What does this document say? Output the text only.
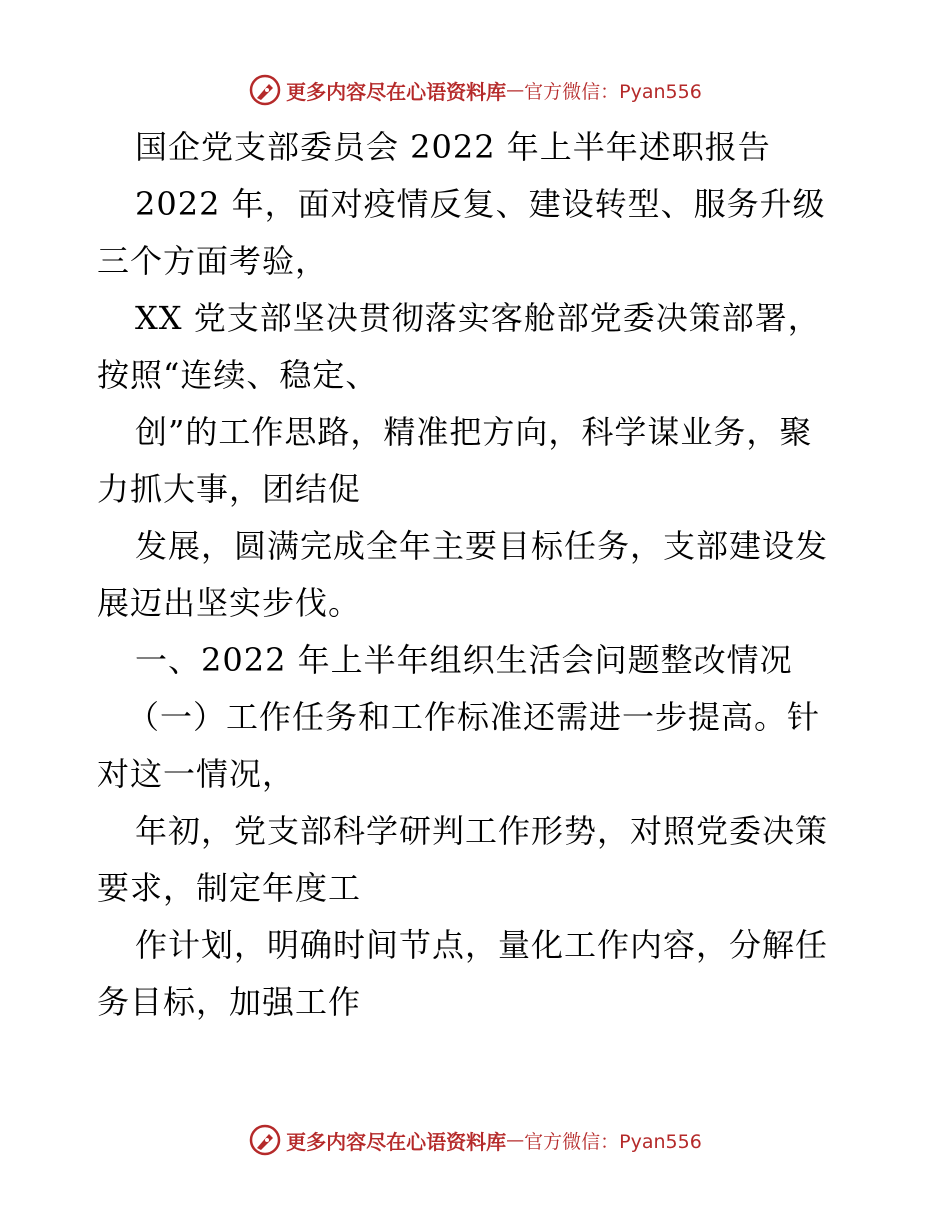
更多内容尽在心语资料库 — 官方微信：Pyan556
国企党支部委员会 2022 年上半年述职报告
2022 年，面对疫情反复、建设转型、服务升级
三个方面考验，
XX 党支部坚决贯彻落实客舱部党委决策部署，
按照“连续、稳定、
创”的工作思路，精准把方向，科学谋业务，聚
力抓大事，团结促
发展，圆满完成全年主要目标任务，支部建设发
展迈出坚实步伐。
一、2022 年上半年组织生活会问题整改情况
（一）工作任务和工作标准还需进一步提高。针
对这一情况，
年初，党支部科学研判工作形势，对照党委决策
要求，制定年度工
作计划，明确时间节点，量化工作内容，分解任
务目标，加强工作
更多内容尽在心语资料库 — 官方微信：Pyan556
